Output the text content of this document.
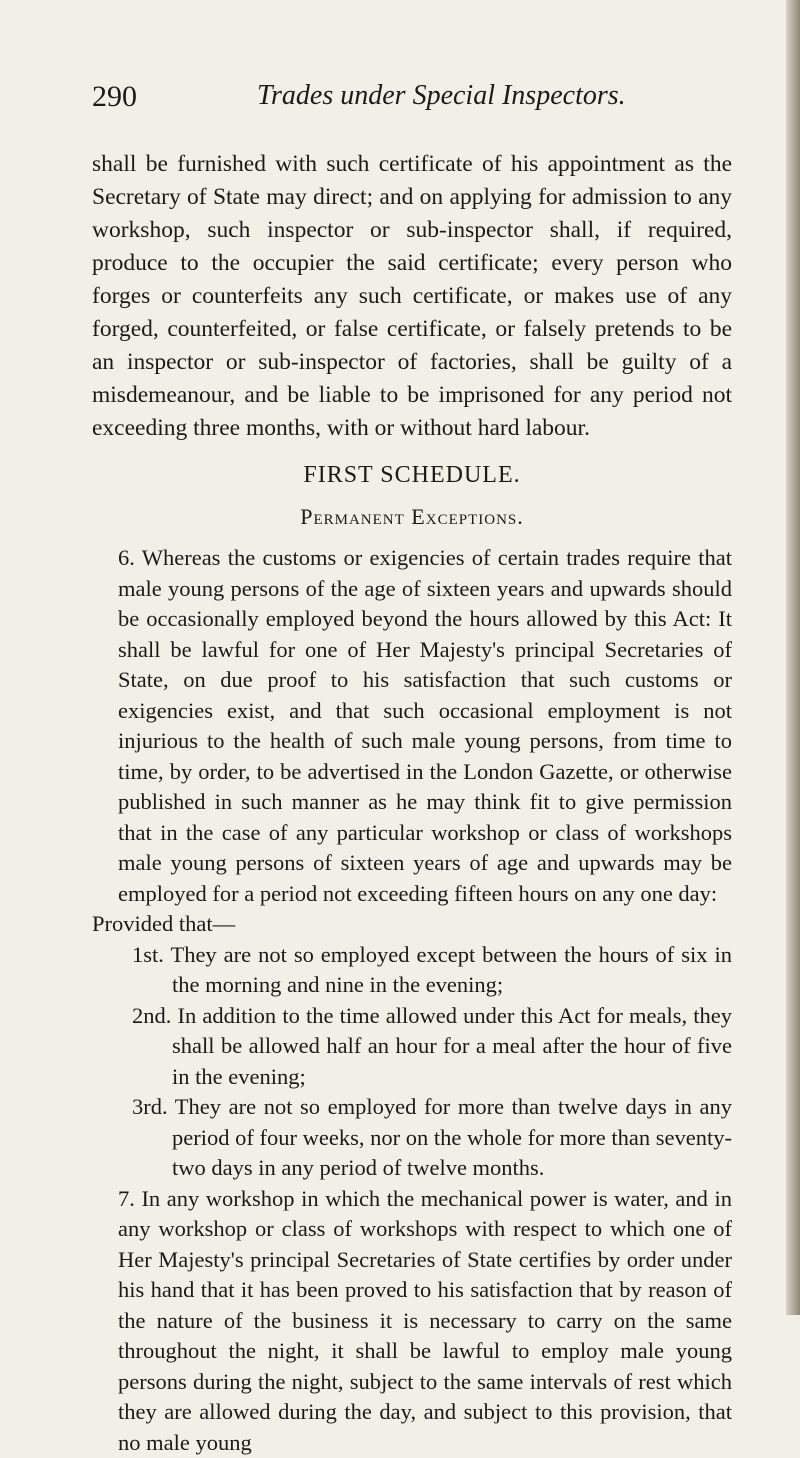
290	Trades under Special Inspectors.

shall be furnished with such certificate of his appointment as the Secretary of State may direct; and on applying for admission to any workshop, such inspector or sub-inspector shall, if required, produce to the occupier the said certificate; every person who forges or counterfeits any such certificate, or makes use of any forged, counterfeited, or false certificate, or falsely pretends to be an inspector or sub-inspector of factories, shall be guilty of a misdemeanour, and be liable to be imprisoned for any period not exceeding three months, with or without hard labour.

FIRST SCHEDULE.
Permanent Exceptions.

6. Whereas the customs or exigencies of certain trades require that male young persons of the age of sixteen years and upwards should be occasionally employed beyond the hours allowed by this Act: It shall be lawful for one of Her Majesty's principal Secretaries of State, on due proof to his satisfaction that such customs or exigencies exist, and that such occasional employment is not injurious to the health of such male young persons, from time to time, by order, to be advertised in the London Gazette, or otherwise published in such manner as he may think fit to give permission that in the case of any particular workshop or class of workshops male young persons of sixteen years of age and upwards may be employed for a period not exceeding fifteen hours on any one day:

Provided that—

1st. They are not so employed except between the hours of six in the morning and nine in the evening;

2nd. In addition to the time allowed under this Act for meals, they shall be allowed half an hour for a meal after the hour of five in the evening;

3rd. They are not so employed for more than twelve days in any period of four weeks, nor on the whole for more than seventy-two days in any period of twelve months.

7. In any workshop in which the mechanical power is water, and in any workshop or class of workshops with respect to which one of Her Majesty's principal Secretaries of State certifies by order under his hand that it has been proved to his satisfaction that by reason of the nature of the business it is necessary to carry on the same throughout the night, it shall be lawful to employ male young persons during the night, subject to the same intervals of rest which they are allowed during the day, and subject to this provision, that no male young
